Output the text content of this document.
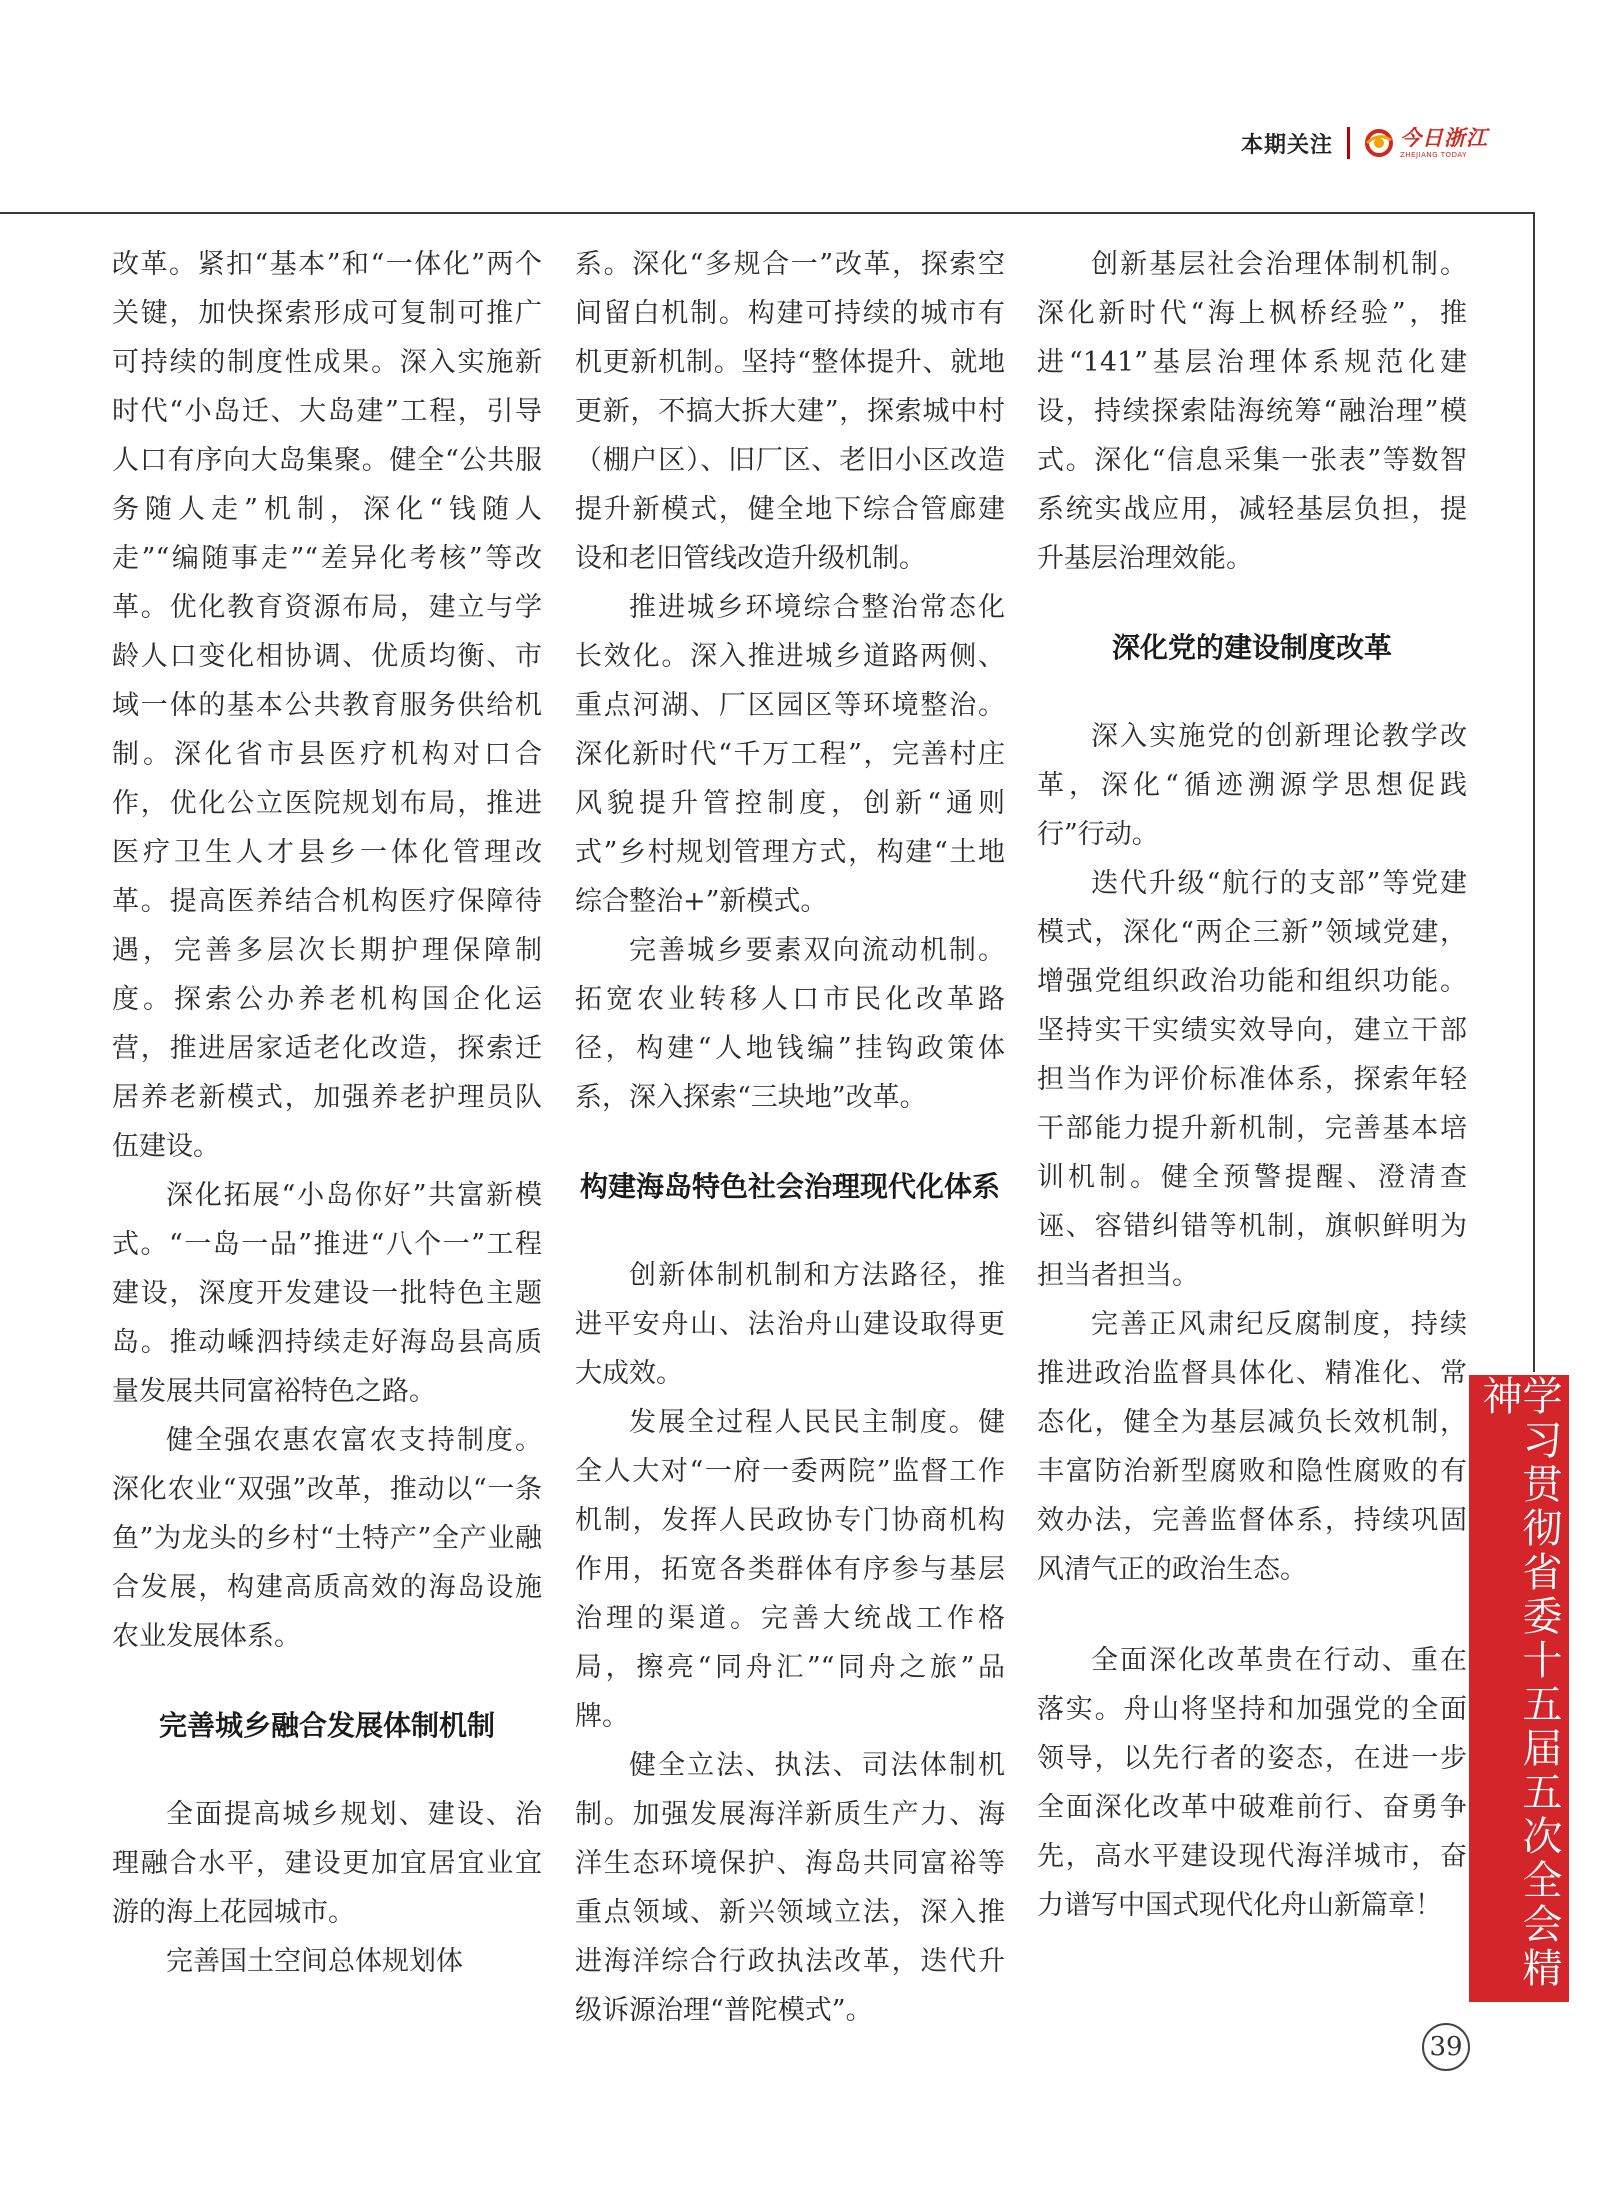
本期关注	今日浙江
ZHEJIANG TODAY

改革。紧扣“基本”和“一体化”两个关键，加快探索形成可复制可推广可持续的制度性成果。深入实施新时代“小岛迁、大岛建”工程，引导人口有序向大岛集聚。健全“公共服务随人走”机制，深化“钱随人走”“编随事走”“差异化考核”等改革。优化教育资源布局，建立与学龄人口变化相协调、优质均衡、市域一体的基本公共教育服务供给机制。深化省市县医疗机构对口合作，优化公立医院规划布局，推进医疗卫生人才县乡一体化管理改革。提高医养结合机构医疗保障待遇，完善多层次长期护理保障制度。探索公办养老机构国企化运营，推进居家适老化改造，探索迁居养老新模式，加强养老护理员队伍建设。

深化拓展“小岛你好”共富新模式。“一岛一品”推进“八个一”工程建设，深度开发建设一批特色主题岛。推动嵊泗持续走好海岛县高质量发展共同富裕特色之路。

健全强农惠农富农支持制度。深化农业“双强”改革，推动以“一条鱼”为龙头的乡村“土特产”全产业融合发展，构建高质高效的海岛设施农业发展体系。

完善城乡融合发展体制机制

全面提高城乡规划、建设、治理融合水平，建设更加宜居宜业宜游的海上花园城市。

完善国土空间总体规划体

系。深化“多规合一”改革，探索空间留白机制。构建可持续的城市有机更新机制。坚持“整体提升、就地更新，不搞大拆大建”，探索城中村（棚户区）、旧厂区、老旧小区改造提升新模式，健全地下综合管廊建设和老旧管线改造升级机制。

推进城乡环境综合整治常态化长效化。深入推进城乡道路两侧、重点河湖、厂区园区等环境整治。深化新时代“千万工程”，完善村庄风貌提升管控制度，创新“通则式”乡村规划管理方式，构建“土地综合整治+”新模式。

完善城乡要素双向流动机制。拓宽农业转移人口市民化改革路径，构建“人地钱编”挂钩政策体系，深入探索“三块地”改革。

构建海岛特色社会治理现代化体系

创新体制机制和方法路径，推进平安舟山、法治舟山建设取得更大成效。

发展全过程人民民主制度。健全人大对“一府一委两院”监督工作机制，发挥人民政协专门协商机构作用，拓宽各类群体有序参与基层治理的渠道。完善大统战工作格局，擦亮“同舟汇”“同舟之旅”品牌。

健全立法、执法、司法体制机制。加强发展海洋新质生产力、海洋生态环境保护、海岛共同富裕等重点领域、新兴领域立法，深入推进海洋综合行政执法改革，迭代升级诉源治理“普陀模式”。

创新基层社会治理体制机制。深化新时代“海上枫桥经验”，推进“141”基层治理体系规范化建设，持续探索陆海统筹“融治理”模式。深化“信息采集一张表”等数智系统实战应用，减轻基层负担，提升基层治理效能。

深化党的建设制度改革

深入实施党的创新理论教学改革，深化“循迹溯源学思想促践行”行动。

迭代升级“航行的支部”等党建模式，深化“两企三新”领域党建，增强党组织政治功能和组织功能。坚持实干实绩实效导向，建立干部担当作为评价标准体系，探索年轻干部能力提升新机制，完善基本培训机制。健全预警提醒、澄清查诬、容错纠错等机制，旗帜鲜明为担当者担当。

完善正风肃纪反腐制度，持续推进政治监督具体化、精准化、常态化，健全为基层减负长效机制，丰富防治新型腐败和隐性腐败的有效办法，完善监督体系，持续巩固风清气正的政治生态。

全面深化改革贵在行动、重在落实。舟山将坚持和加强党的全面领导，以先行者的姿态，在进一步全面深化改革中破难前行、奋勇争先，高水平建设现代海洋城市，奋力谱写中国式现代化舟山新篇章！	学习贯彻省委十五届五次全会精神
39
